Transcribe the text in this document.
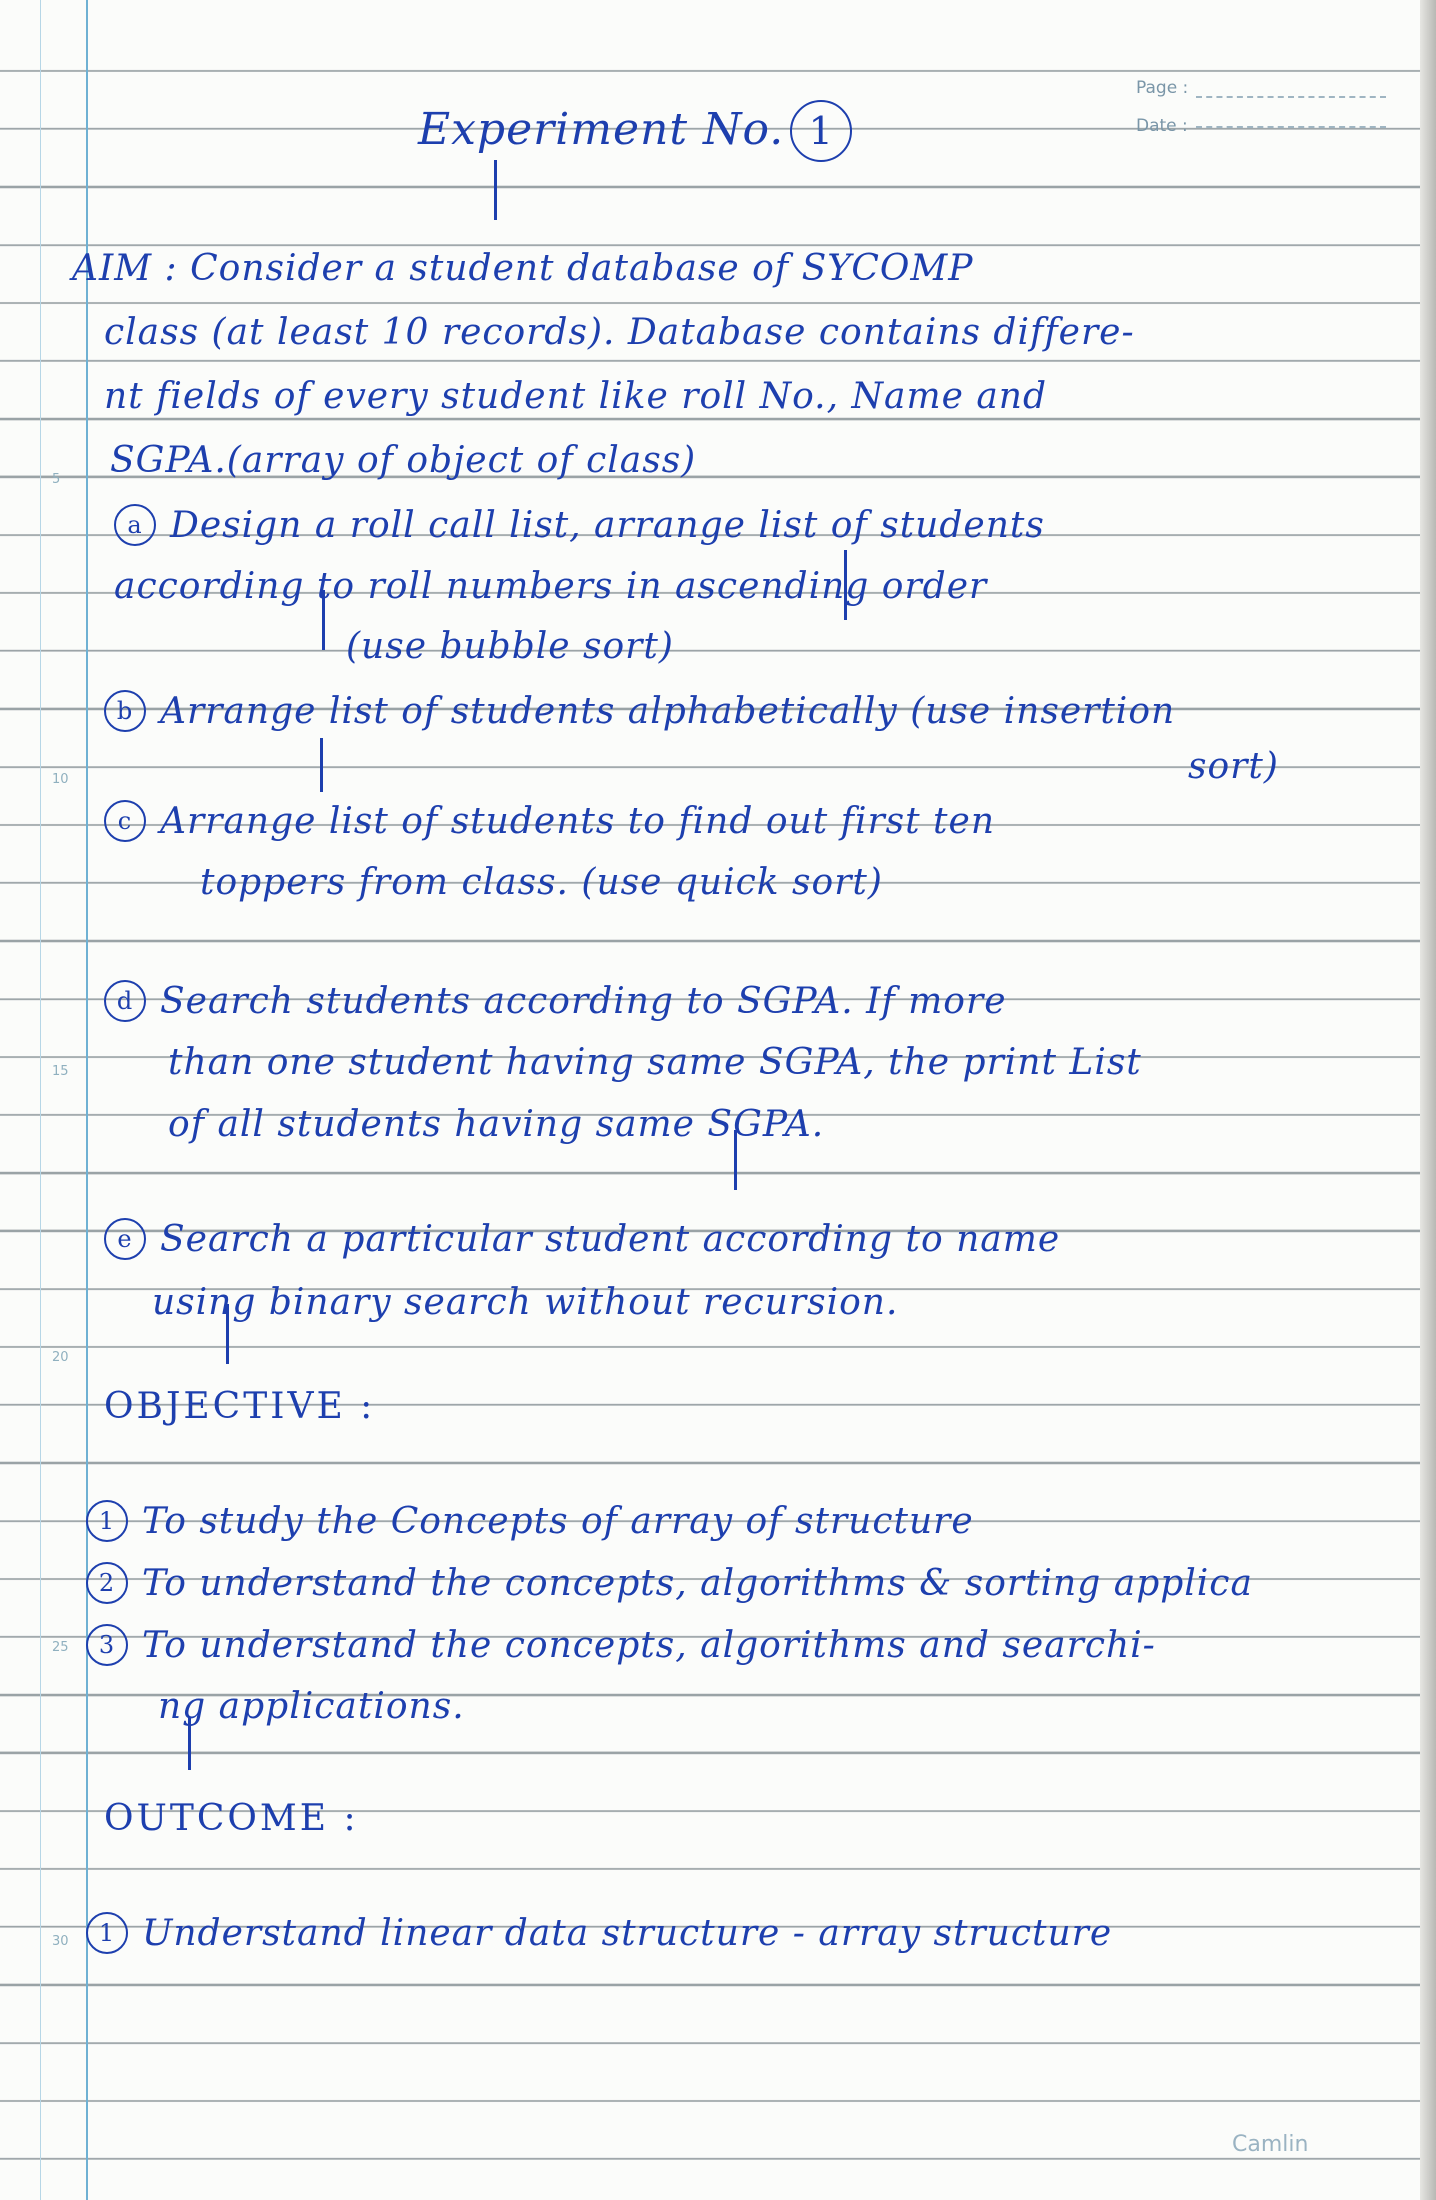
5
10
15
20
25
30
Page :
Date :
Experiment No. 1
AIM : Consider a student database of SYCOMP
class (at least 10 records). Database contains differe-
nt fields of every student like roll No., Name and
SGPA.(array of object of class)
a Design a roll call list, arrange list of students
according to roll numbers in ascending order
(use bubble sort)
b Arrange list of students alphabetically (use insertion
sort)
c Arrange list of students to find out first ten
toppers from class. (use quick sort)
d Search students according to SGPA. If more
than one student having same SGPA, the print List
of all students having same SGPA.
e Search a particular student according to name
using binary search without recursion.
OBJECTIVE :
1 To study the Concepts of array of structure
2 To understand the concepts, algorithms & sorting applica
3 To understand the concepts, algorithms and searchi-
ng applications.
OUTCOME :
1 Understand linear data structure - array structure
Camlin
